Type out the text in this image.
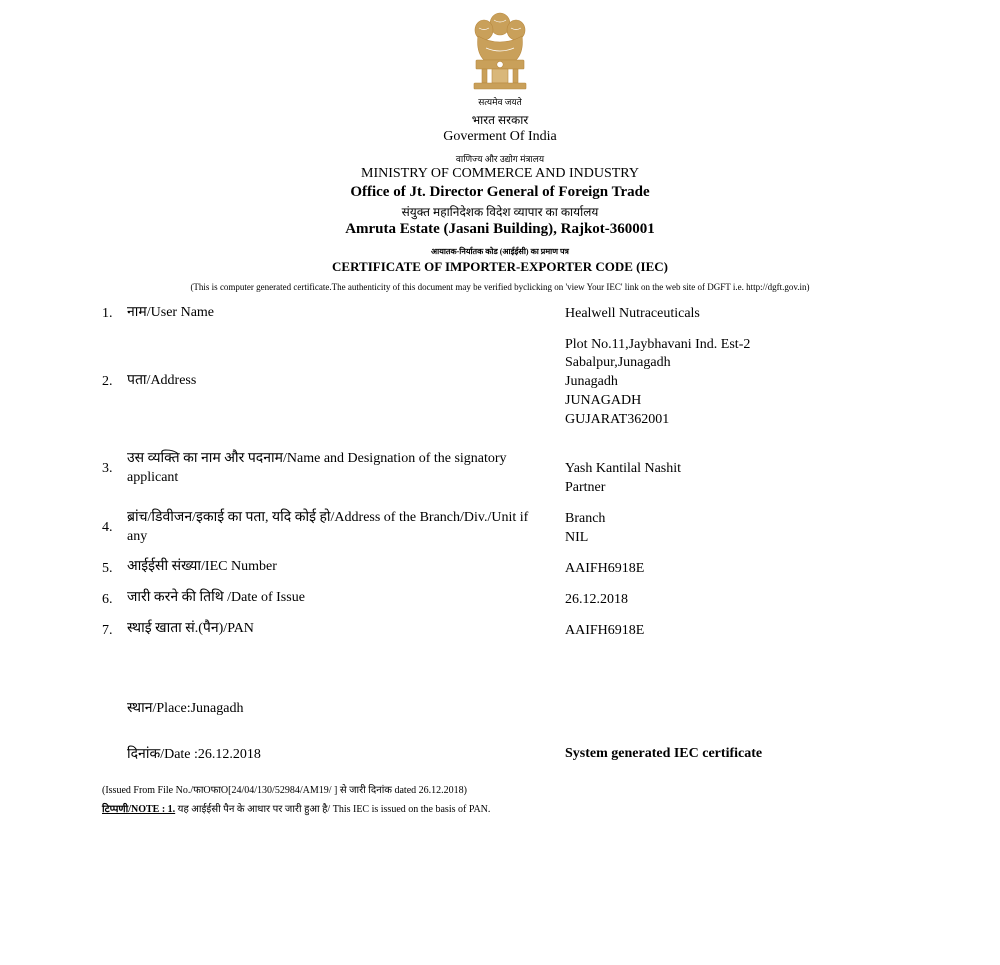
सत्यमेव जयते
भारत सरकार
Goverment Of India
वाणिज्य और उद्योग मंत्रालय
MINISTRY OF COMMERCE AND INDUSTRY
Office of Jt. Director General of Foreign Trade
संयुक्त महानिदेशक विदेश व्यापार का कार्यालय
Amruta Estate (Jasani Building), Rajkot-360001
आयातक-निर्यातक कोड (आईईसी) का प्रमाण पत्र
CERTIFICATE OF IMPORTER-EXPORTER CODE (IEC)
(This is computer generated certificate.The authenticity of this document may be verified byclicking on 'view Your IEC' link on the web site of DGFT i.e. http://dgft.gov.in)
1. नाम/User Name	Healwell Nutraceuticals
2. पता/Address
Plot No.11,Jaybhavani Ind. Est-2
Sabalpur,Junagadh
Junagadh
JUNAGADH
GUJARAT362001
3.
उस व्यक्ति का नाम और पदनाम/Name and Designation of the signatory applicant
Yash Kantilal Nashit
Partner
4.
ब्रांच/डिवीजन/इकाई का पता, यदि कोई हो/Address of the Branch/Div./Unit if any
Branch
NIL
5. आईईसी संख्या/IEC Number	AAIFH6918E
6. जारी करने की तिथि /Date of Issue	26.12.2018
7. स्थाई खाता सं.(पैन)/PAN	AAIFH6918E
स्थान/Place:Junagadh
दिनांक/Date :26.12.2018	System generated IEC certificate
(Issued From File No./फाOफाO[24/04/130/52984/AM19/ ] से जारी दिनांक dated 26.12.2018)
टिप्पणी/NOTE : 1. यह आईईसी पैन के आधार पर जारी हुआ है/ This IEC is issued on the basis of PAN.
